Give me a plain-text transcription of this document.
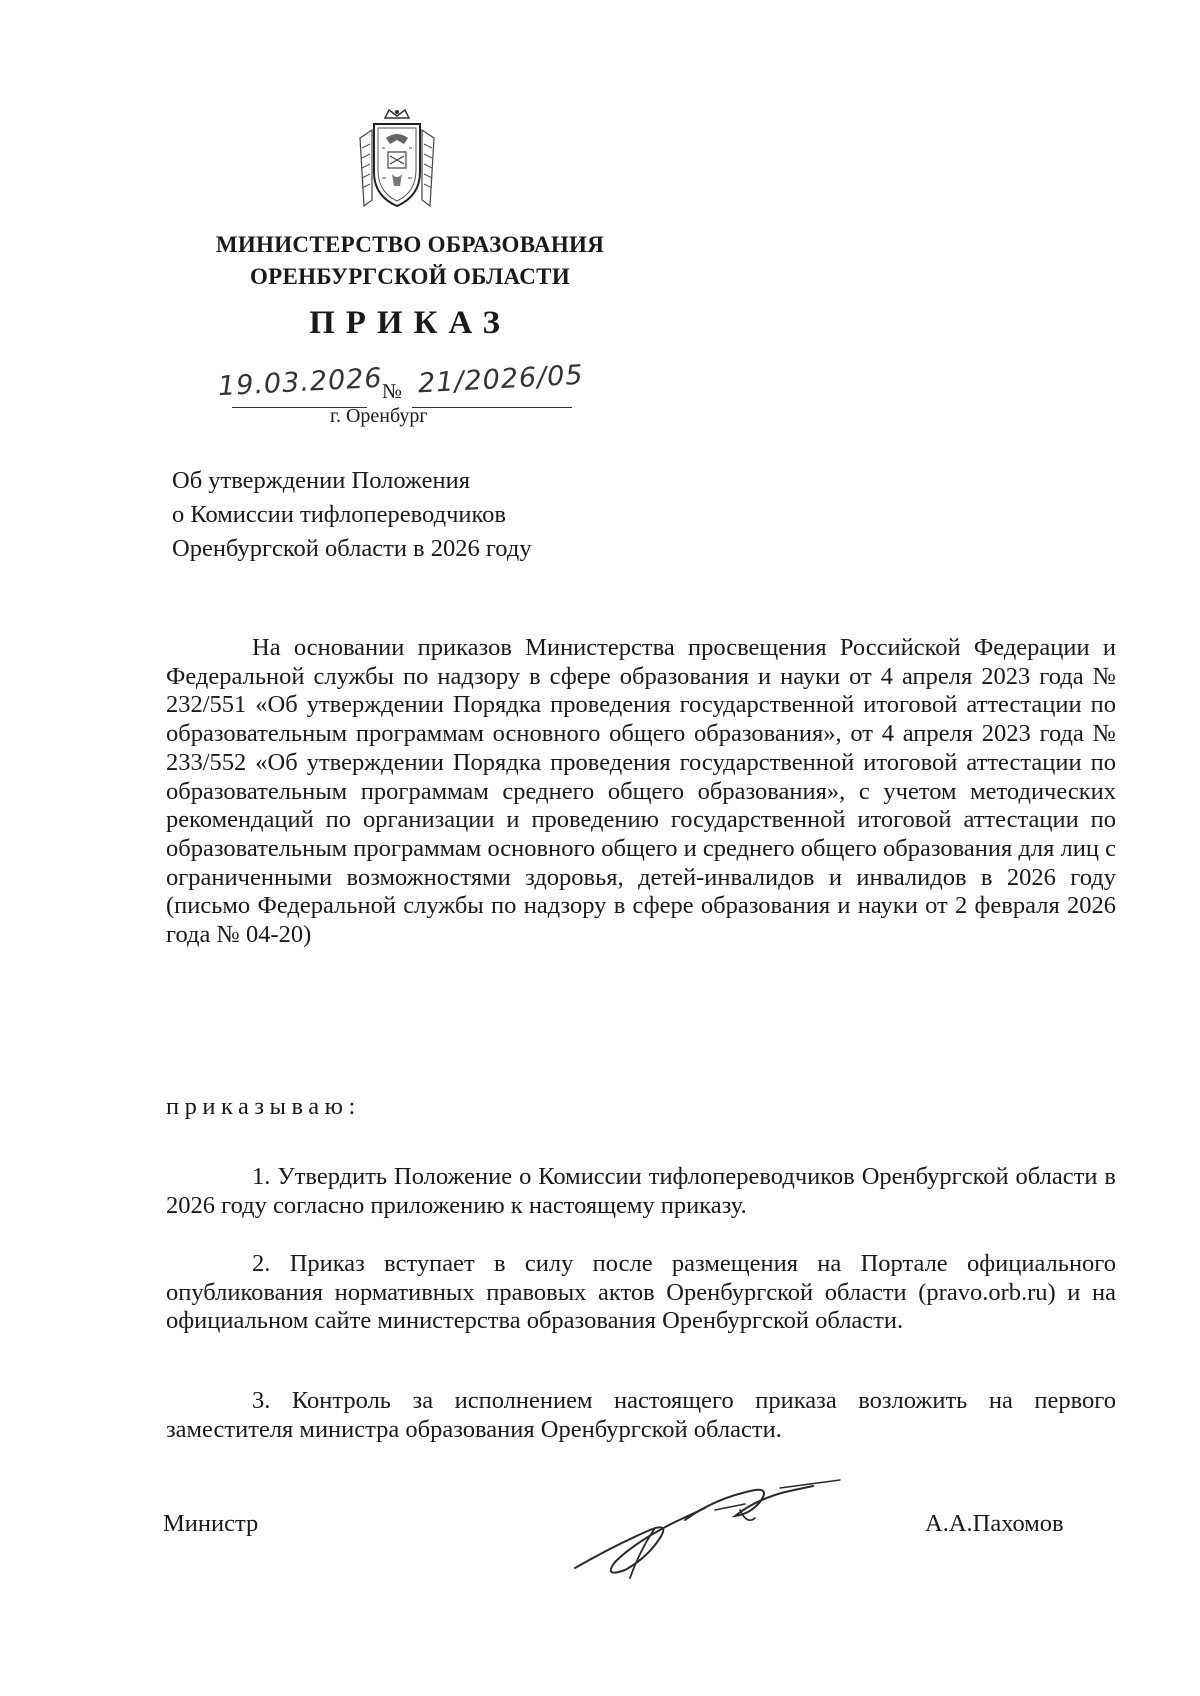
МИНИСТЕРСТВО ОБРАЗОВАНИЯ
ОРЕНБУРГСКОЙ ОБЛАСТИ
ПРИКАЗ
19.03.2026
№ 21/2026/05
г. Оренбург
Об утверждении Положения
о Комиссии тифлопереводчиков
Оренбургской области в 2026 году
На основании приказов Министерства просвещения Российской Федерации и Федеральной службы по надзору в сфере образования и науки от 4 апреля 2023 года № 232/551 «Об утверждении Порядка проведения государственной итоговой аттестации по образовательным программам основного общего образования», от 4 апреля 2023 года № 233/552 «Об утверждении Порядка проведения государственной итоговой аттестации по образовательным программам среднего общего образования», с учетом методических рекомендаций по организации и проведению государственной итоговой аттестации по образовательным программам основного общего и среднего общего образования для лиц с ограниченными возможностями здоровья, детей-инвалидов и инвалидов в 2026 году (письмо Федеральной службы по надзору в сфере образования и науки от 2 февраля 2026 года № 04-20)
приказываю:
1. Утвердить Положение о Комиссии тифлопереводчиков Оренбургской области в 2026 году согласно приложению к настоящему приказу.
2. Приказ вступает в силу после размещения на Портале официального опубликования нормативных правовых актов Оренбургской области (pravo.orb.ru) и на официальном сайте министерства образования Оренбургской области.
3. Контроль за исполнением настоящего приказа возложить на первого заместителя министра образования Оренбургской области.
Министр	А.А.Пахомов
